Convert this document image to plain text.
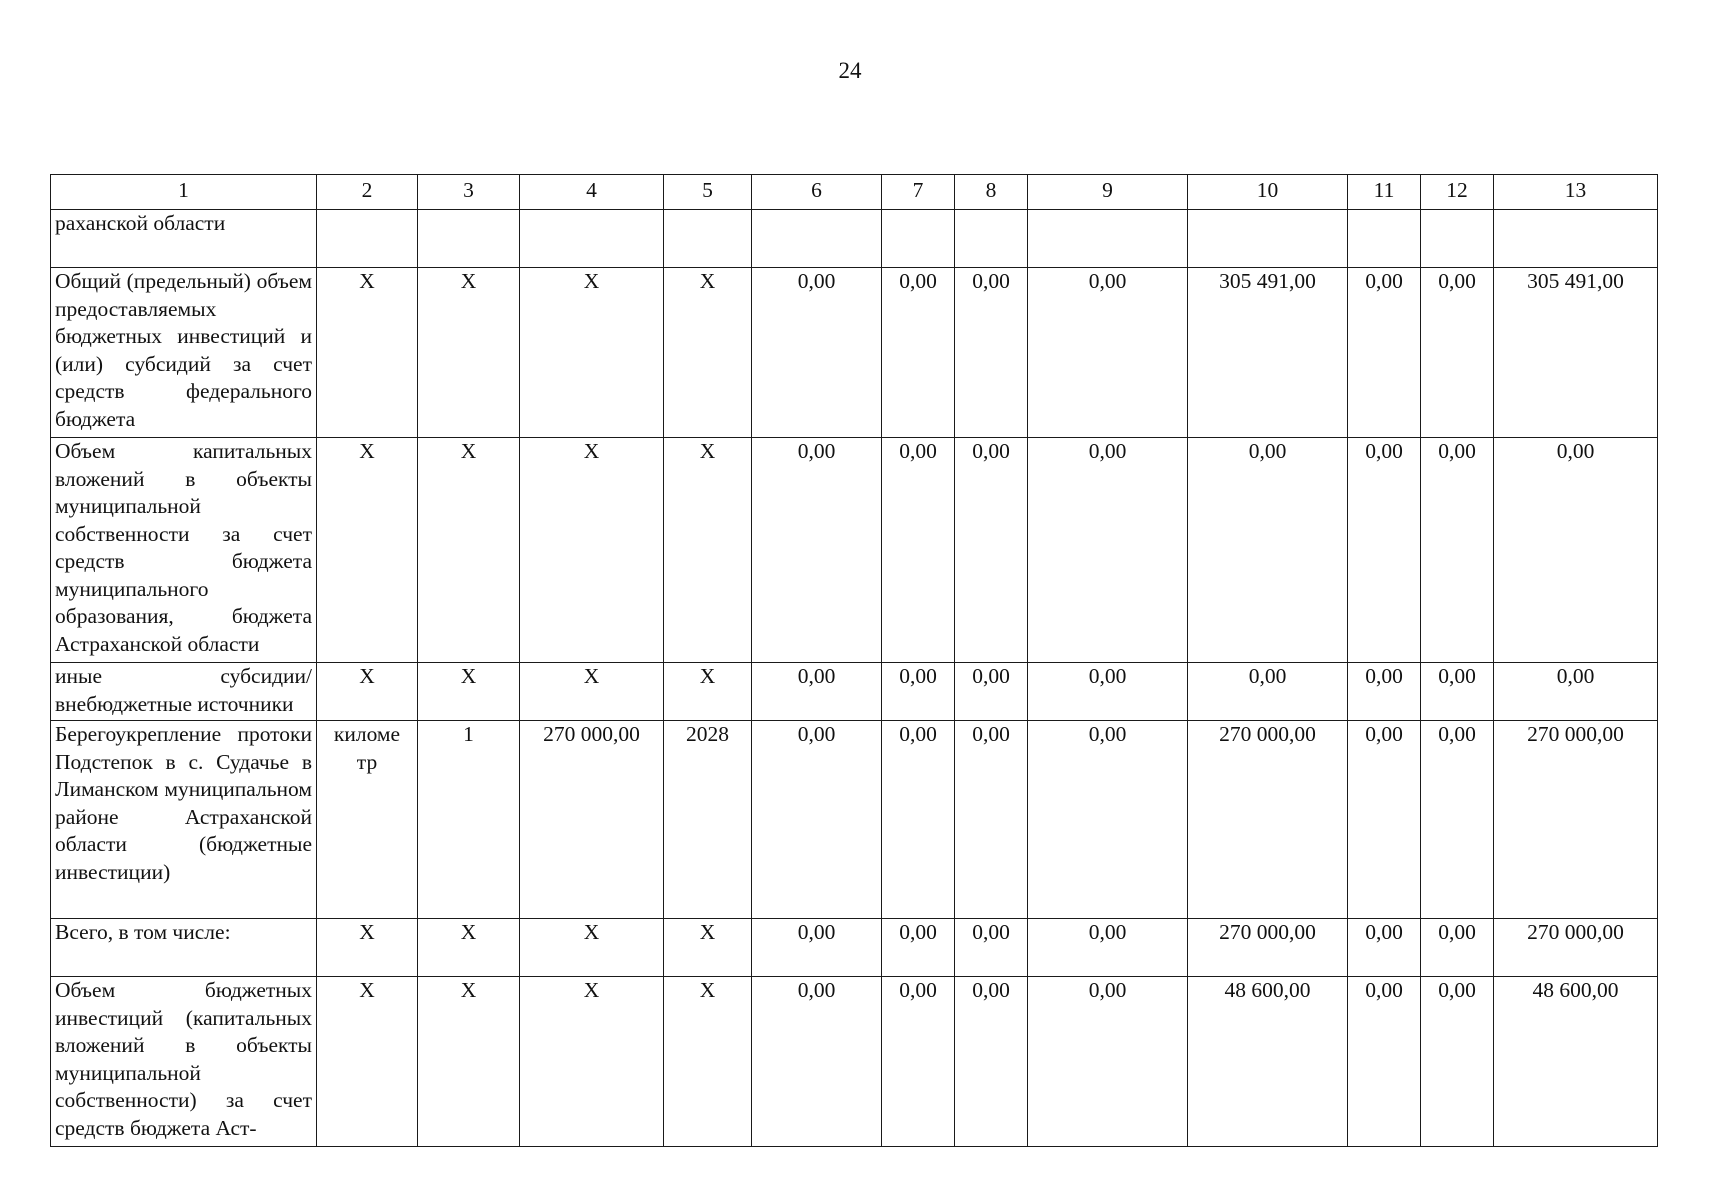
24
1	2	3	4	5	6	7	8	9	10	11	12	13
раханской области												
Общий (предельный) объем предоставляемых бюджетных инвестиций и (или) субсидий за счет средств федерального бюджета	X	X	X	X	0,00	0,00	0,00	0,00	305 491,00	0,00	0,00	305 491,00
Объем капитальных вложений в объекты муниципальной собственности за счет средств бюджета муниципального образования, бюджета Астраханской области	X	X	X	X	0,00	0,00	0,00	0,00	0,00	0,00	0,00	0,00
иные субсидии/ внебюджетные источники	X	X	X	X	0,00	0,00	0,00	0,00	0,00	0,00	0,00	0,00
Берегоукрепление протоки Подстепок в с. Судачье в Лиманском муниципальном районе Астраханской области (бюджетные инвестиции)	километр	1	270 000,00	2028	0,00	0,00	0,00	0,00	270 000,00	0,00	0,00	270 000,00
Всего, в том числе:	X	X	X	X	0,00	0,00	0,00	0,00	270 000,00	0,00	0,00	270 000,00
Объем бюджетных инвестиций (капитальных вложений в объекты муниципальной собственности) за счет средств бюджета Аст-	X	X	X	X	0,00	0,00	0,00	0,00	48 600,00	0,00	0,00	48 600,00
